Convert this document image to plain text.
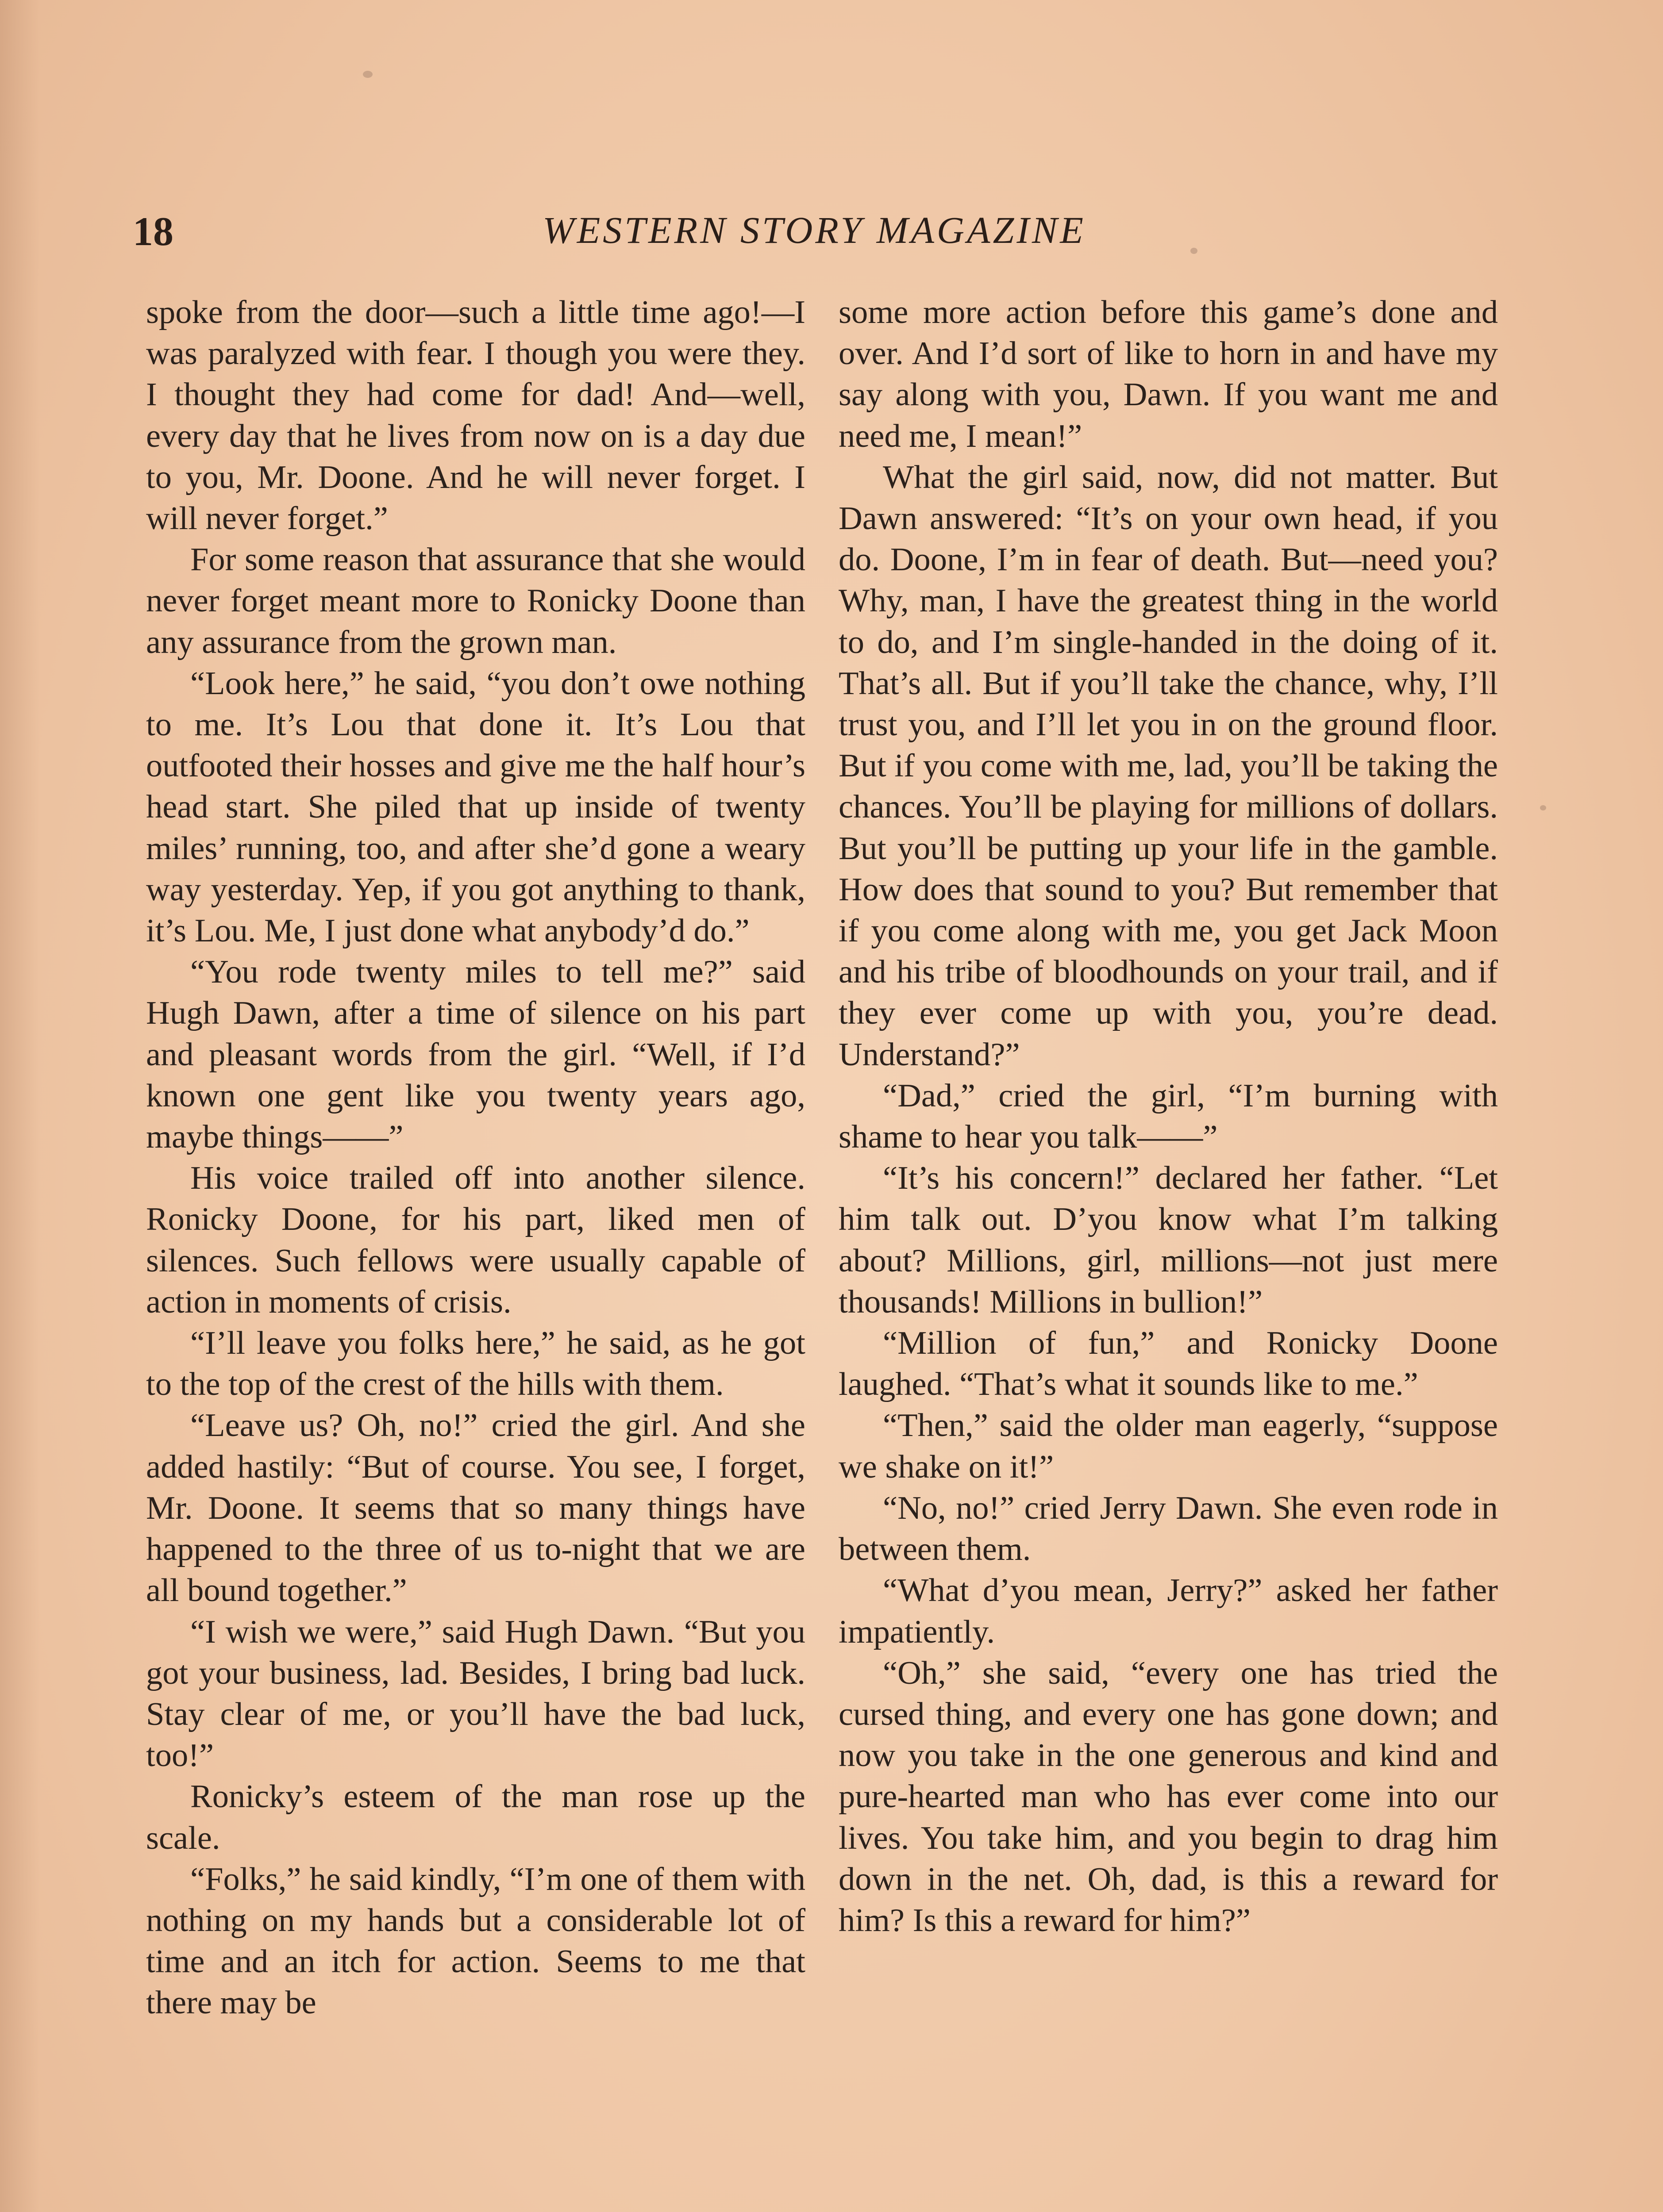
18	WESTERN STORY MAGAZINE

spoke from the door—such a little time ago!—I was paralyzed with fear. I though you were they. I thought they had come for dad! And—well, every day that he lives from now on is a day due to you, Mr. Doone. And he will never forget. I will never forget.”

For some reason that assurance that she would never forget meant more to Ronicky Doone than any assurance from the grown man.

“Look here,” he said, “you don’t owe nothing to me. It’s Lou that done it. It’s Lou that outfooted their hosses and give me the half hour’s head start. She piled that up inside of twenty miles’ running, too, and after she’d gone a weary way yesterday. Yep, if you got anything to thank, it’s Lou. Me, I just done what anybody’d do.”

“You rode twenty miles to tell me?” said Hugh Dawn, after a time of silence on his part and pleasant words from the girl. “Well, if I’d known one gent like you twenty years ago, maybe things——”

His voice trailed off into another silence. Ronicky Doone, for his part, liked men of silences. Such fellows were usually capable of action in moments of crisis.

“I’ll leave you folks here,” he said, as he got to the top of the crest of the hills with them.

“Leave us? Oh, no!” cried the girl. And she added hastily: “But of course. You see, I forget, Mr. Doone. It seems that so many things have happened to the three of us to-night that we are all bound together.”

“I wish we were,” said Hugh Dawn. “But you got your business, lad. Besides, I bring bad luck. Stay clear of me, or you’ll have the bad luck, too!”

Ronicky’s esteem of the man rose up the scale.

“Folks,” he said kindly, “I’m one of them with nothing on my hands but a considerable lot of time and an itch for action. Seems to me that there may be

some more action before this game’s done and over. And I’d sort of like to horn in and have my say along with you, Dawn. If you want me and need me, I mean!”

What the girl said, now, did not matter. But Dawn answered: “It’s on your own head, if you do. Doone, I’m in fear of death. But—need you? Why, man, I have the greatest thing in the world to do, and I’m single-handed in the doing of it. That’s all. But if you’ll take the chance, why, I’ll trust you, and I’ll let you in on the ground floor. But if you come with me, lad, you’ll be taking the chances. You’ll be playing for millions of dollars. But you’ll be putting up your life in the gamble. How does that sound to you? But remember that if you come along with me, you get Jack Moon and his tribe of bloodhounds on your trail, and if they ever come up with you, you’re dead. Understand?”

“Dad,” cried the girl, “I’m burning with shame to hear you talk——”

“It’s his concern!” declared her father. “Let him talk out. D’you know what I’m talking about? Millions, girl, millions—not just mere thousands! Millions in bullion!”

“Million of fun,” and Ronicky Doone laughed. “That’s what it sounds like to me.”

“Then,” said the older man eagerly, “suppose we shake on it!”

“No, no!” cried Jerry Dawn. She even rode in between them.

“What d’you mean, Jerry?” asked her father impatiently.

“Oh,” she said, “every one has tried the cursed thing, and every one has gone down; and now you take in the one generous and kind and pure-hearted man who has ever come into our lives. You take him, and you begin to drag him down in the net. Oh, dad, is this a reward for him? Is this a reward for him?”
